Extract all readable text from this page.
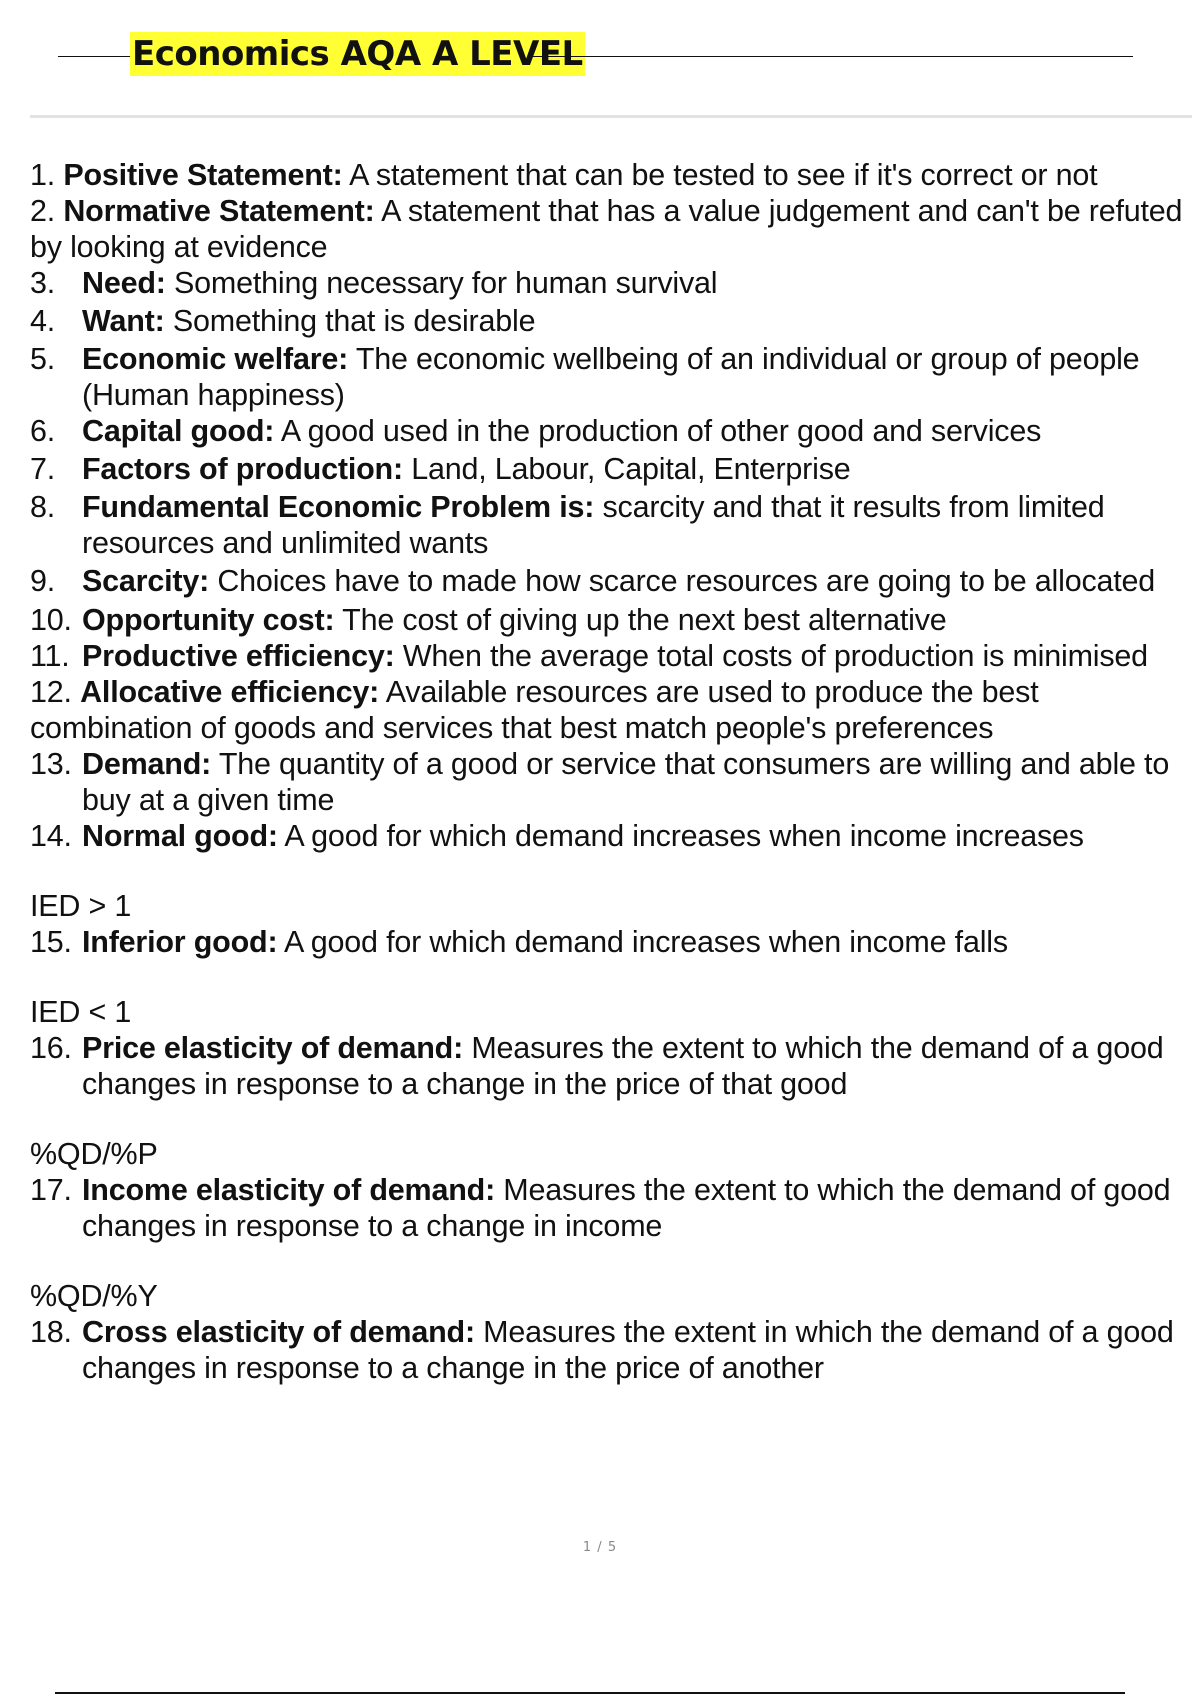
Economics AQA A LEVEL
1. Positive Statement: A statement that can be tested to see if it's correct or not
2. Normative Statement: A statement that has a value judgement and can't be refuted by looking at evidence
3. Need: Something necessary for human survival
4. Want: Something that is desirable
5. Economic welfare: The economic wellbeing of an individual or group of people (Human happiness)
6. Capital good: A good used in the production of other good and services
7. Factors of production: Land, Labour, Capital, Enterprise
8. Fundamental Economic Problem is: scarcity and that it results from limited resources and unlimited wants
9. Scarcity: Choices have to made how scarce resources are going to be allocated
10. Opportunity cost: The cost of giving up the next best alternative
11. Productive efficiency: When the average total costs of production is minimised
12. Allocative efficiency: Available resources are used to produce the best combination of goods and services that best match people's preferences
13. Demand: The quantity of a good or service that consumers are willing and able to buy at a given time
14. Normal good: A good for which demand increases when income increases
IED > 1
15. Inferior good: A good for which demand increases when income falls
IED < 1
16. Price elasticity of demand: Measures the extent to which the demand of a good changes in response to a change in the price of that good
%QD/%P
17. Income elasticity of demand: Measures the extent to which the demand of good changes in response to a change in income
%QD/%Y
18. Cross elasticity of demand: Measures the extent in which the demand of a good changes in response to a change in the price of another
1 / 5
